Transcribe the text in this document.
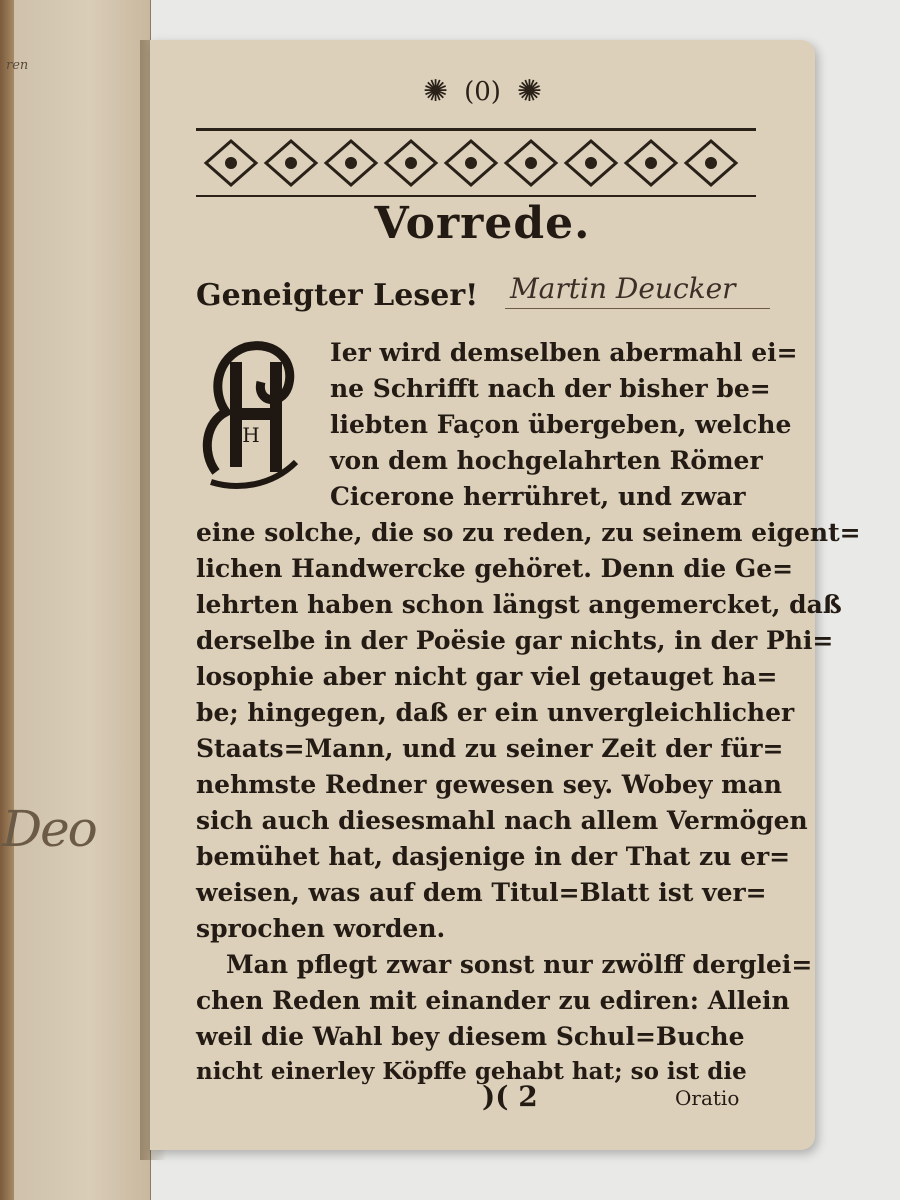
ren
Deo
✺ (0) ✺
Vorrede.
Geneigter Leser! Martin Deucker
H
Ier wird demselben abermahl ei=
ne Schrifft nach der bisher be=
liebten Façon übergeben, welche
von dem hochgelahrten Römer
Cicerone herrühret, und zwar
eine solche, die so zu reden, zu seinem eigent=
lichen Handwercke gehöret. Denn die Ge=
lehrten haben schon längst angemercket, daß
derselbe in der Poësie gar nichts, in der Phi=
losophie aber nicht gar viel getauget ha=
be; hingegen, daß er ein unvergleichlicher
Staats=Mann, und zu seiner Zeit der für=
nehmste Redner gewesen sey. Wobey man
sich auch diesesmahl nach allem Vermögen
bemühet hat, dasjenige in der That zu er=
weisen, was auf dem Titul=Blatt ist ver=
sprochen worden.
Man pflegt zwar sonst nur zwölff derglei=
chen Reden mit einander zu ediren: Allein
weil die Wahl bey diesem Schul=Buche
nicht einerley Köpffe gehabt hat; so ist die
)( 2	Oratio
